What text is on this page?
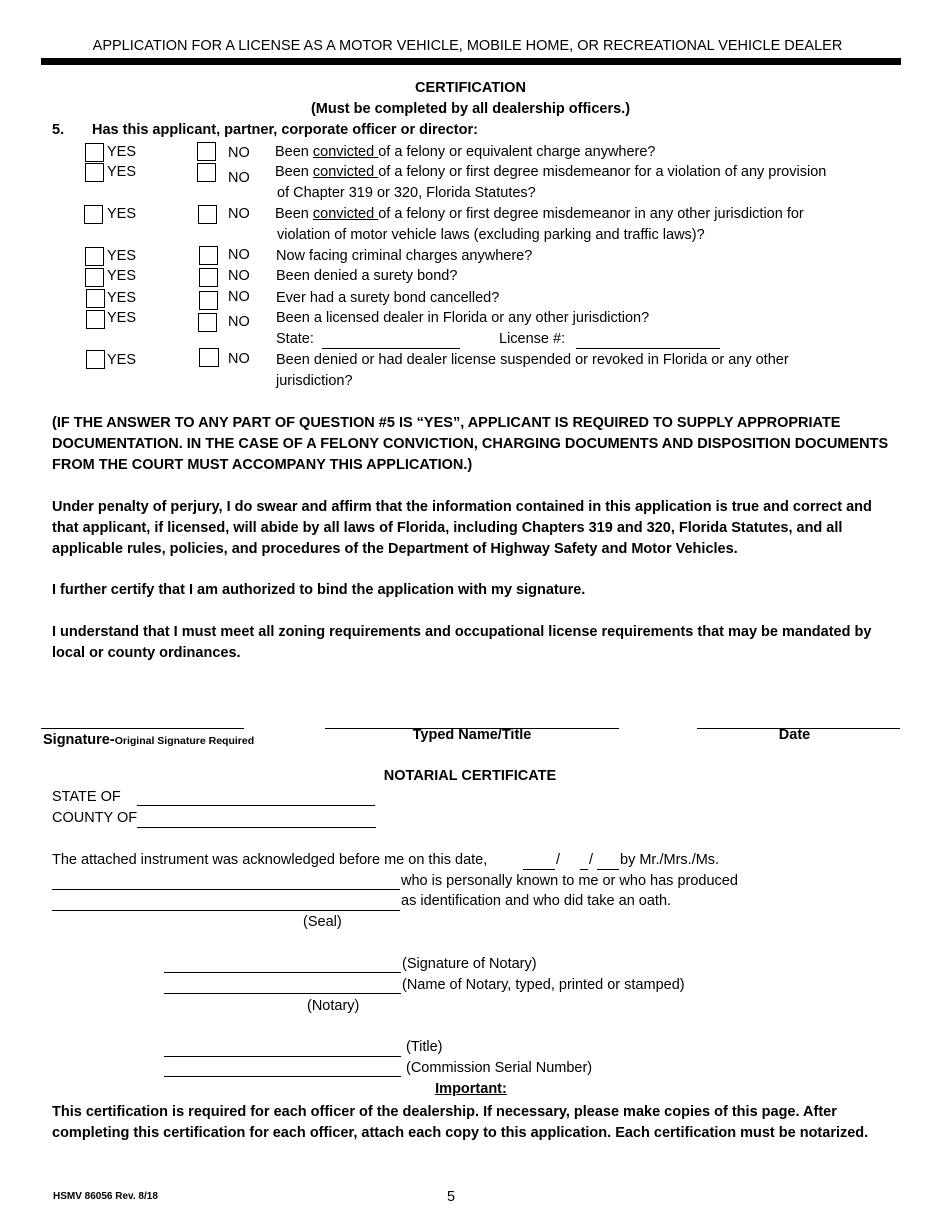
APPLICATION FOR A LICENSE AS A MOTOR VEHICLE, MOBILE HOME, OR RECREATIONAL VEHICLE DEALER
CERTIFICATION
(Must be completed by all dealership officers.)
5. Has this applicant, partner, corporate officer or director:
YES	NO Been convicted of a felony or equivalent charge anywhere?
YES	NO Been convicted of a felony or first degree misdemeanor for a violation of any provision
of Chapter 319 or 320, Florida Statutes?
YES	NO Been convicted of a felony or first degree misdemeanor in any other jurisdiction for
violation of motor vehicle laws (excluding parking and traffic laws)?
YES	NO Now facing criminal charges anywhere?
YES	NO Been denied a surety bond?
YES	NO Ever had a surety bond cancelled?
YES	NO Been a licensed dealer in Florida or any other jurisdiction?
State:	License #:
YES	NO Been denied or had dealer license suspended or revoked in Florida or any other
jurisdiction?
(IF THE ANSWER TO ANY PART OF QUESTION #5 IS “YES”, APPLICANT IS REQUIRED TO SUPPLY APPROPRIATE DOCUMENTATION. IN THE CASE OF A FELONY CONVICTION, CHARGING DOCUMENTS AND DISPOSITION DOCUMENTS FROM THE COURT MUST ACCOMPANY THIS APPLICATION.)
Under penalty of perjury, I do swear and affirm that the information contained in this application is true and correct and that applicant, if licensed, will abide by all laws of Florida, including Chapters 319 and 320, Florida Statutes, and all applicable rules, policies, and procedures of the Department of Highway Safety and Motor Vehicles.
I further certify that I am authorized to bind the application with my signature.
I understand that I must meet all zoning requirements and occupational license requirements that may be mandated by local or county ordinances.
Signature-Original Signature Required	Typed Name/Title	Date
NOTARIAL CERTIFICATE
STATE OF
COUNTY OF
The attached instrument was acknowledged before me on this date,	/ / by Mr./Mrs./Ms.
who is personally known to me or who has produced
as identification and who did take an oath.
(Seal)
(Signature of Notary)
(Name of Notary, typed, printed or stamped)
(Notary)
(Title)
(Commission Serial Number)
Important:
This certification is required for each officer of the dealership. If necessary, please make copies of this page. After completing this certification for each officer, attach each copy to this application. Each certification must be notarized.
HSMV 86056 Rev. 8/18	5
